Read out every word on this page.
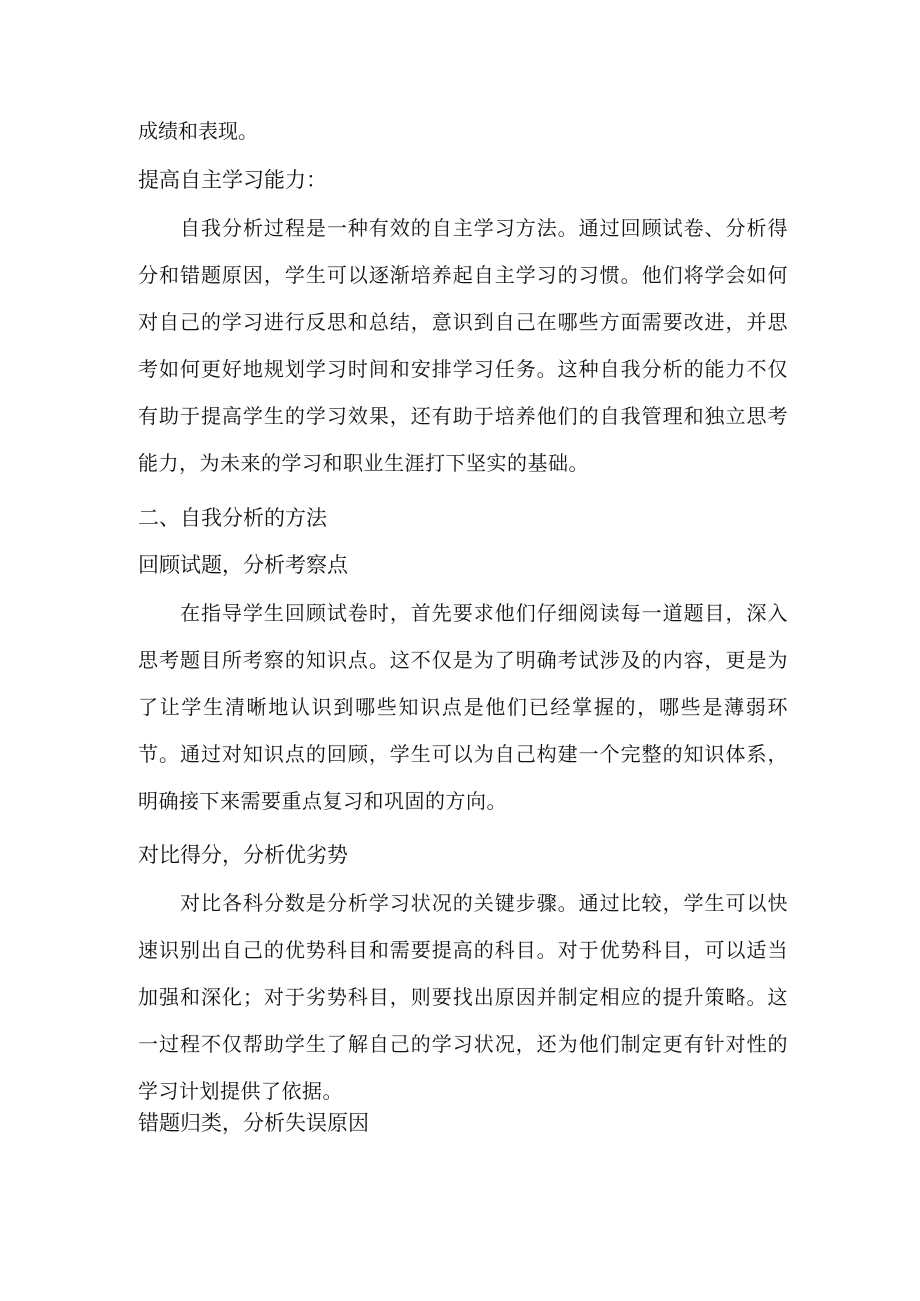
成绩和表现。

提高自主学习能力：

自我分析过程是一种有效的自主学习方法。通过回顾试卷、分析得分和错题原因，学生可以逐渐培养起自主学习的习惯。他们将学会如何对自己的学习进行反思和总结，意识到自己在哪些方面需要改进，并思考如何更好地规划学习时间和安排学习任务。这种自我分析的能力不仅有助于提高学生的学习效果，还有助于培养他们的自我管理和独立思考能力，为未来的学习和职业生涯打下坚实的基础。

二、自我分析的方法

回顾试题，分析考察点

在指导学生回顾试卷时，首先要求他们仔细阅读每一道题目，深入思考题目所考察的知识点。这不仅是为了明确考试涉及的内容，更是为了让学生清晰地认识到哪些知识点是他们已经掌握的，哪些是薄弱环节。通过对知识点的回顾，学生可以为自己构建一个完整的知识体系，明确接下来需要重点复习和巩固的方向。

对比得分，分析优劣势

对比各科分数是分析学习状况的关键步骤。通过比较，学生可以快速识别出自己的优势科目和需要提高的科目。对于优势科目，可以适当加强和深化；对于劣势科目，则要找出原因并制定相应的提升策略。这一过程不仅帮助学生了解自己的学习状况，还为他们制定更有针对性的学习计划提供了依据。

错题归类，分析失误原因
